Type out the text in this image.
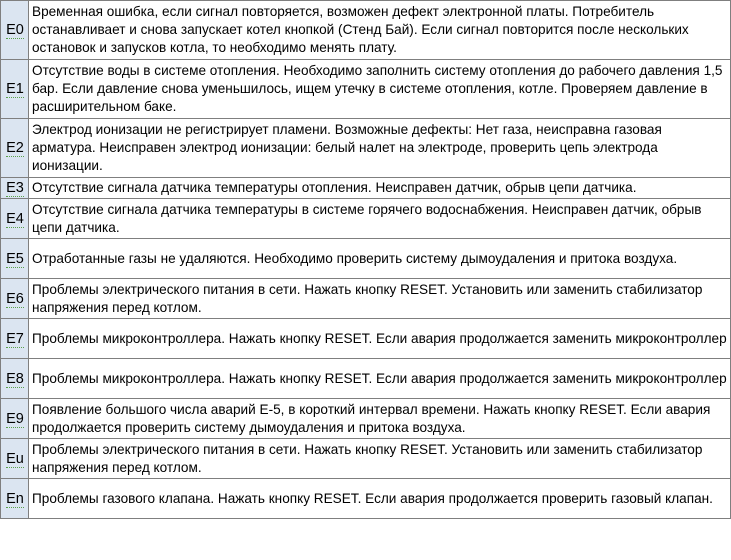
E0	Временная ошибка, если сигнал повторяется, возможен дефект электронной платы. Потребитель останавливает и снова запускает котел кнопкой (Стенд Бай). Если сигнал повторится после нескольких остановок и запусков котла, то необходимо менять плату.
E1	Отсутствие воды в системе отопления. Необходимо заполнить систему отопления до рабочего давления 1,5 бар. Если давление снова уменьшилось, ищем утечку в системе отопления, котле. Проверяем давление в расширительном баке.
E2	Электрод ионизации не регистрирует пламени. Возможные дефекты: Нет газа, неисправна газовая арматура. Неисправен электрод ионизации: белый налет на электроде, проверить цепь электрода ионизации.
E3	Отсутствие сигнала датчика температуры отопления. Неисправен датчик, обрыв цепи датчика.
E4	Отсутствие сигнала датчика температуры в системе горячего водоснабжения. Неисправен датчик, обрыв цепи датчика.
E5	Отработанные газы не удаляются. Необходимо проверить систему дымоудаления и притока воздуха.
E6	Проблемы электрического питания в сети. Нажать кнопку RESET. Установить или заменить стабилизатор напряжения перед котлом.
E7	Проблемы микроконтроллера. Нажать кнопку RESET. Если авария продолжается заменить микроконтроллер
E8	Проблемы микроконтроллера. Нажать кнопку RESET. Если авария продолжается заменить микроконтроллер
E9	Появление большого числа аварий Е-5, в короткий интервал времени. Нажать кнопку RESET. Если авария продолжается проверить систему дымоудаления и притока воздуха.
Eu	Проблемы электрического питания в сети. Нажать кнопку RESET. Установить или заменить стабилизатор напряжения перед котлом.
En	Проблемы газового клапана. Нажать кнопку RESET. Если авария продолжается проверить газовый клапан.
